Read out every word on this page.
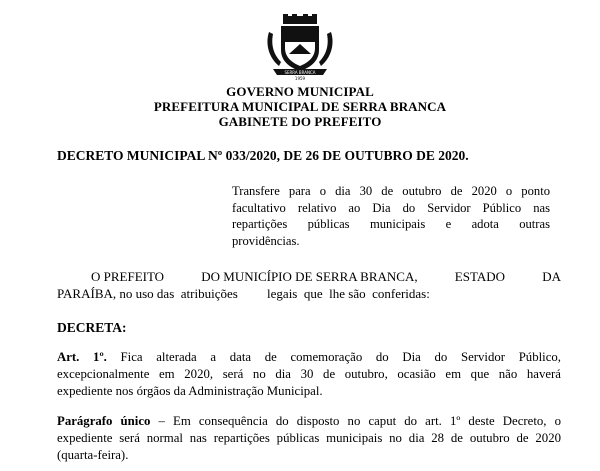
SERRA BRANCA
1959
GOVERNO MUNICIPAL
PREFEITURA MUNICIPAL DE SERRA BRANCA
GABINETE DO PREFEITO
DECRETO MUNICIPAL Nº 033/2020, DE 26 DE OUTUBRO DE 2020.
Transfere para o dia 30 de outubro de 2020 o ponto
facultativo relativo ao Dia do Servidor Público nas
repartições públicas municipais e adota outras
providências.
O PREFEITO	DO MUNICÍPIO DE SERRA BRANCA,	ESTADO	DA
PARAÍBA, no uso das  atribuições         legais  que  lhe são  conferidas:
DECRETA:
Art. 1º. Fica alterada a data de comemoração do Dia do Servidor Público,
excepcionalmente em 2020, será no dia 30 de outubro, ocasião em que não haverá
expediente nos órgãos da Administração Municipal.
Parágrafo único – Em consequência do disposto no caput do art. 1º deste Decreto, o
expediente será normal nas repartições públicas municipais no dia 28 de outubro de 2020
(quarta-feira).
